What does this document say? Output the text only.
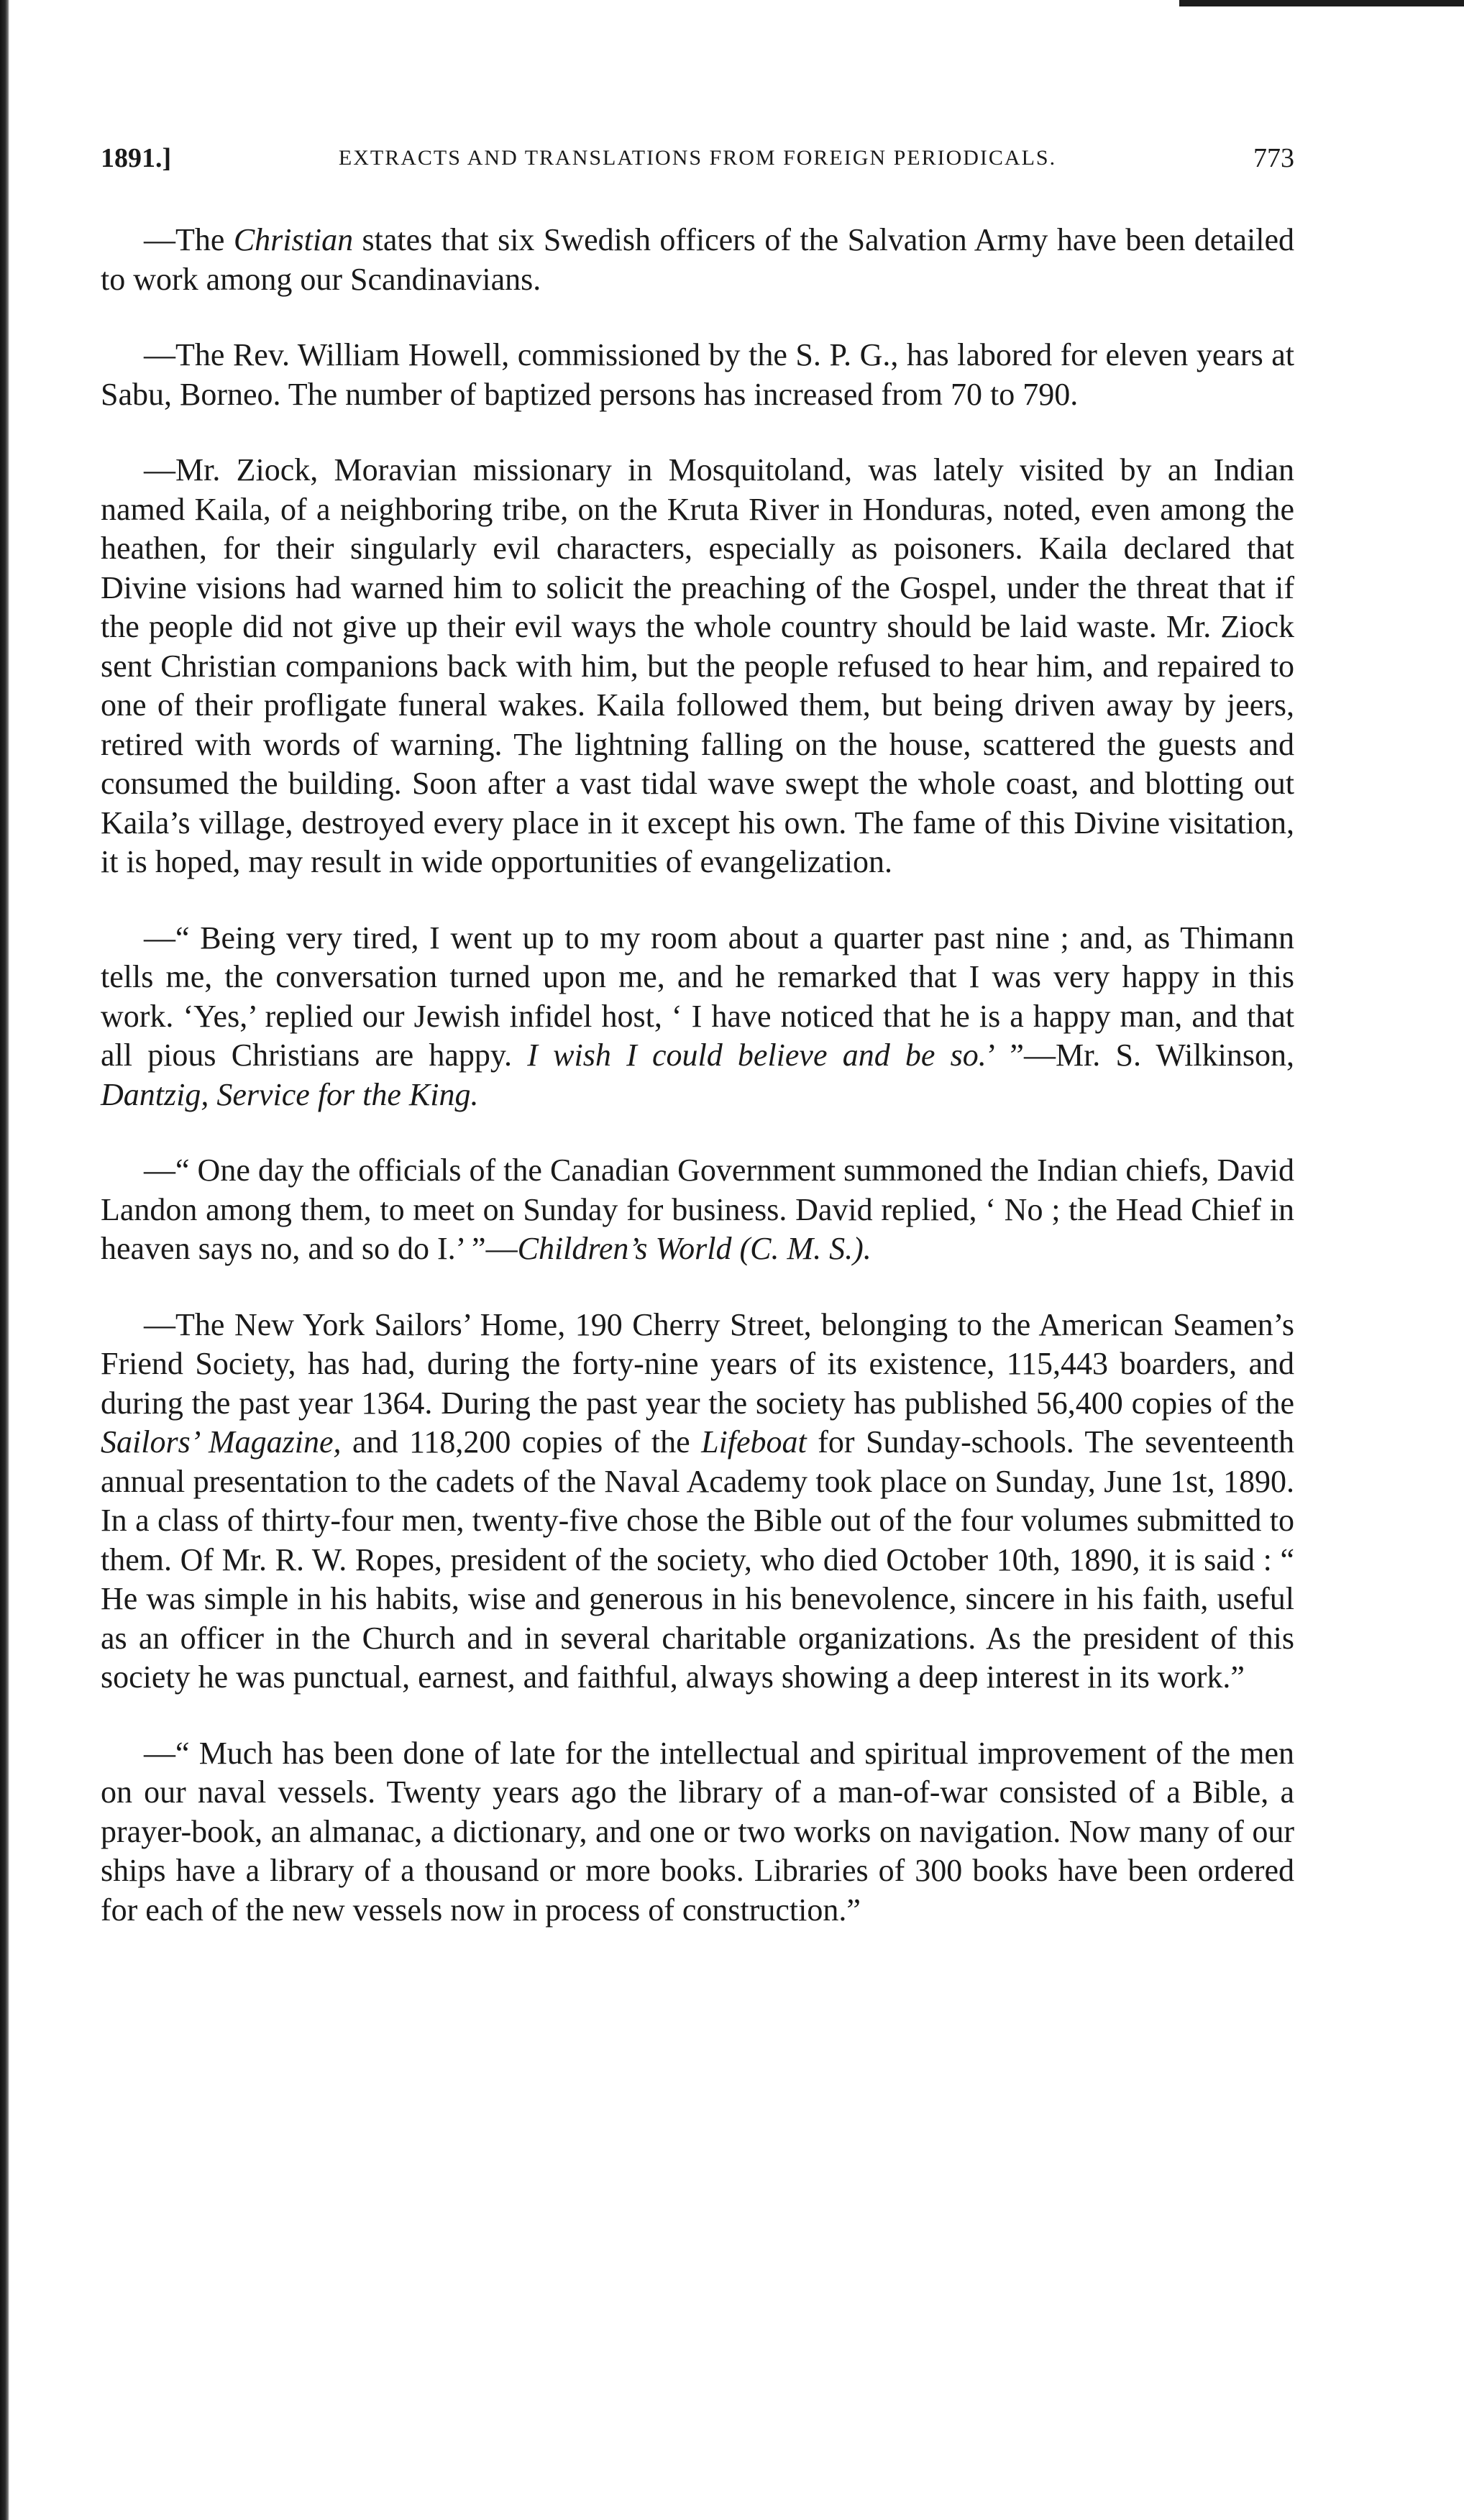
1891.]	EXTRACTS AND TRANSLATIONS FROM FOREIGN PERIODICALS.	773

—The Christian states that six Swedish officers of the Salvation Army have been detailed to work among our Scandinavians.

—The Rev. William Howell, commissioned by the S. P. G., has labored for eleven years at Sabu, Borneo. The number of baptized persons has increased from 70 to 790.

—Mr. Ziock, Moravian missionary in Mosquitoland, was lately visited by an Indian named Kaila, of a neighboring tribe, on the Kruta River in Honduras, noted, even among the heathen, for their singularly evil characters, especially as poisoners. Kaila declared that Divine visions had warned him to solicit the preaching of the Gospel, under the threat that if the people did not give up their evil ways the whole country should be laid waste. Mr. Ziock sent Christian companions back with him, but the people refused to hear him, and repaired to one of their profligate funeral wakes. Kaila followed them, but being driven away by jeers, retired with words of warning. The lightning falling on the house, scattered the guests and consumed the building. Soon after a vast tidal wave swept the whole coast, and blotting out Kaila’s village, destroyed every place in it except his own. The fame of this Divine visitation, it is hoped, may result in wide opportunities of evangelization.

—“ Being very tired, I went up to my room about a quarter past nine ; and, as Thimann tells me, the conversation turned upon me, and he remarked that I was very happy in this work. ‘Yes,’ replied our Jewish infidel host, ‘ I have noticed that he is a happy man, and that all pious Christians are happy. I wish I could believe and be so.’ ”—Mr. S. Wilkinson, Dantzig, Service for the King.

—“ One day the officials of the Canadian Government summoned the Indian chiefs, David Landon among them, to meet on Sunday for business. David replied, ‘ No ; the Head Chief in heaven says no, and so do I.’ ”—Children’s World (C. M. S.).

—The New York Sailors’ Home, 190 Cherry Street, belonging to the American Seamen’s Friend Society, has had, during the forty-nine years of its existence, 115,443 boarders, and during the past year 1364. During the past year the society has published 56,400 copies of the Sailors’ Magazine, and 118,200 copies of the Lifeboat for Sunday-schools. The seventeenth annual presentation to the cadets of the Naval Academy took place on Sunday, June 1st, 1890. In a class of thirty-four men, twenty-five chose the Bible out of the four volumes submitted to them. Of Mr. R. W. Ropes, president of the society, who died October 10th, 1890, it is said : “ He was simple in his habits, wise and generous in his benevolence, sincere in his faith, useful as an officer in the Church and in several charitable organizations. As the president of this society he was punctual, earnest, and faithful, always showing a deep interest in its work.”

—“ Much has been done of late for the intellectual and spiritual improvement of the men on our naval vessels. Twenty years ago the library of a man-of-war consisted of a Bible, a prayer-book, an almanac, a dictionary, and one or two works on navigation. Now many of our ships have a library of a thousand or more books. Libraries of 300 books have been ordered for each of the new vessels now in process of construction.”
